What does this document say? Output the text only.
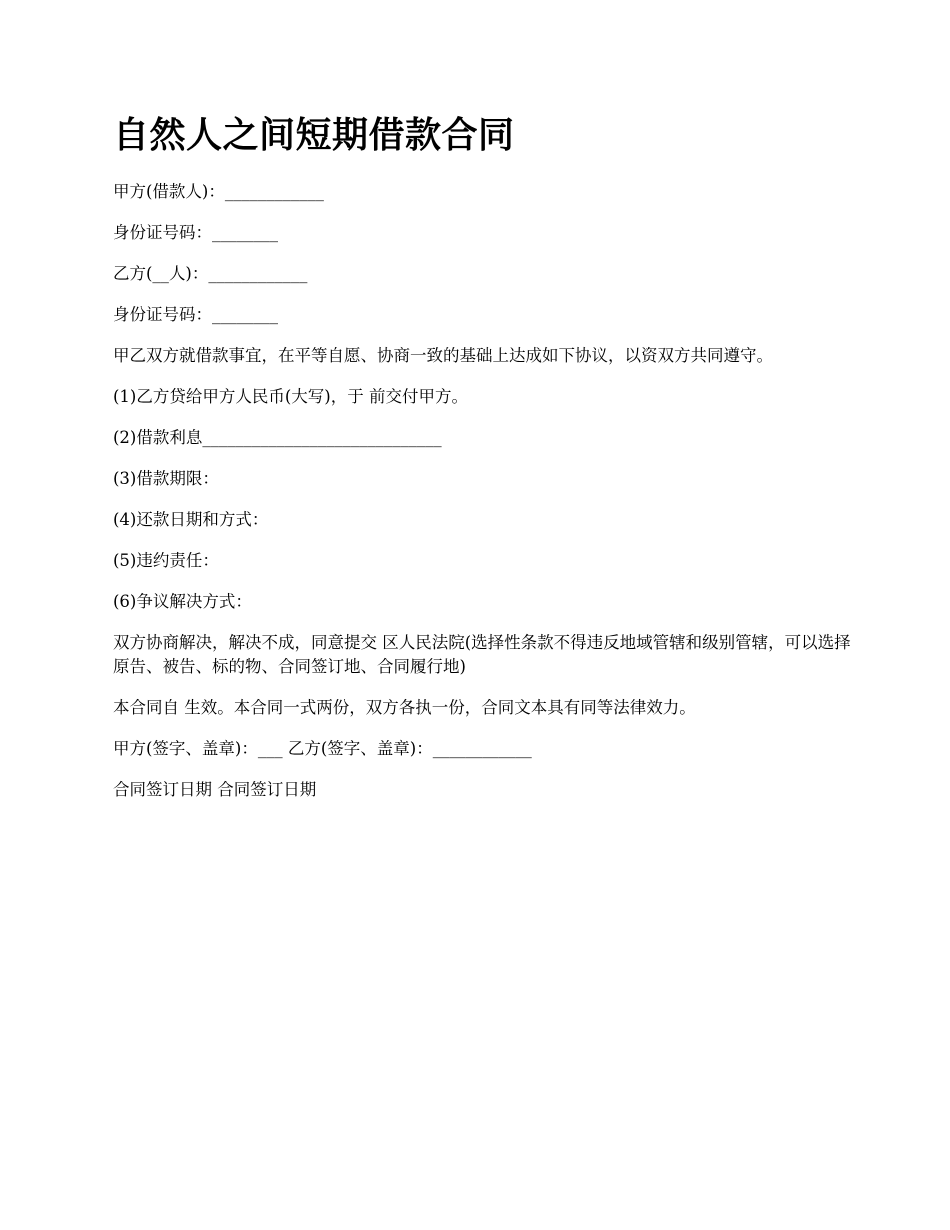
自然人之间短期借款合同

甲方(借款人)：____________

身份证号码：________

乙方(__人)：____________

身份证号码：________

甲乙双方就借款事宜，在平等自愿、协商一致的基础上达成如下协议，以资双方共同遵守。

(1)乙方贷给甲方人民币(大写)，于 前交付甲方。

(2)借款利息_____________________________

(3)借款期限：

(4)还款日期和方式：

(5)违约责任：

(6)争议解决方式：

双方协商解决，解决不成，同意提交 区人民法院(选择性条款不得违反地域管辖和级别管辖，可以选择原告、被告、标的物、合同签订地、合同履行地)

本合同自 生效。本合同一式两份，双方各执一份，合同文本具有同等法律效力。

甲方(签字、盖章)：___ 乙方(签字、盖章)：____________

合同签订日期 合同签订日期
